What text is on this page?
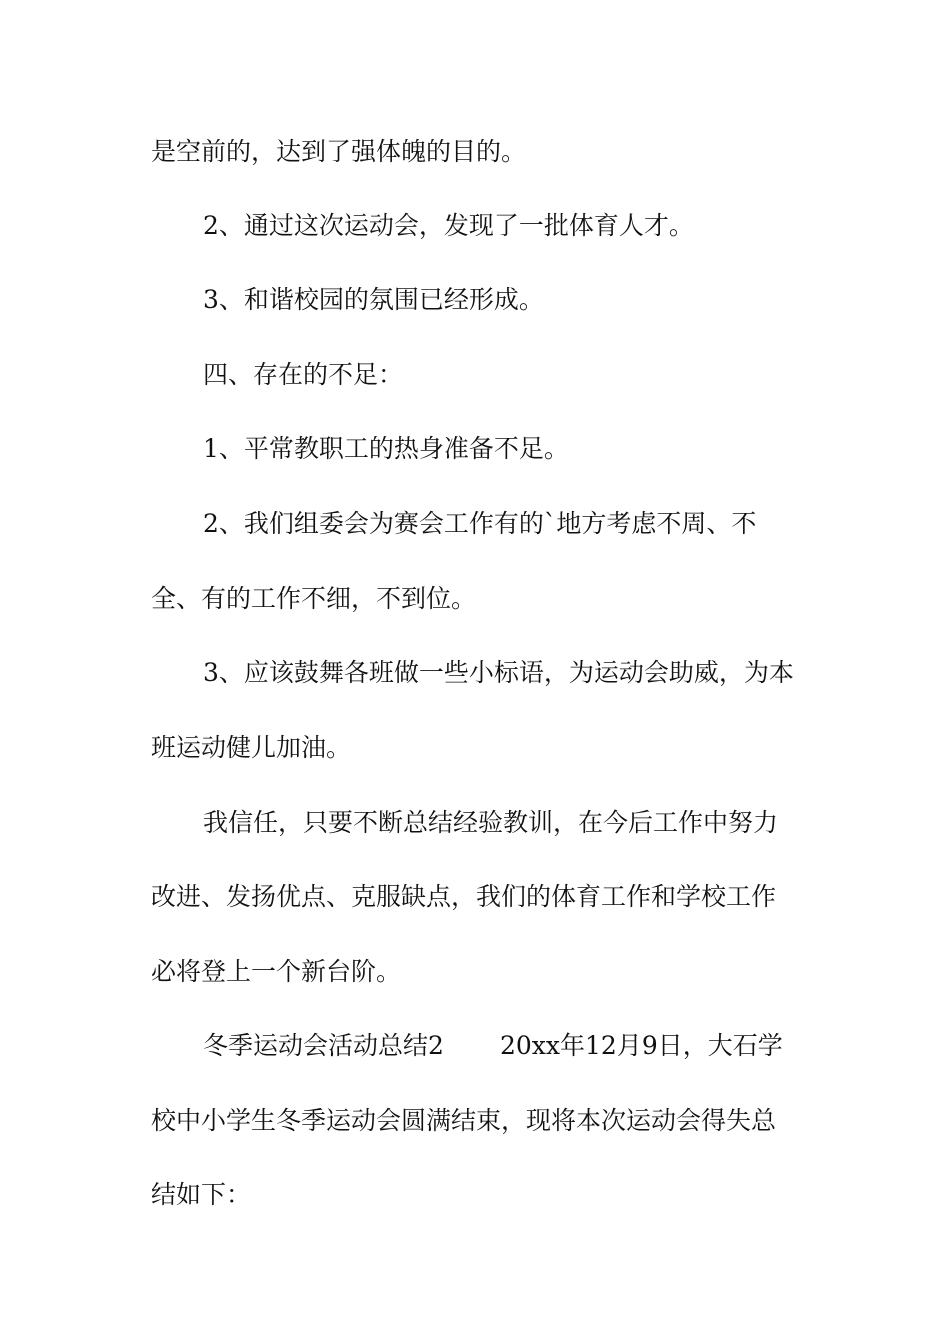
是空前的，达到了强体魄的目的。
2、通过这次运动会，发现了一批体育人才。
3、和谐校园的氛围已经形成。
四、存在的不足：
1、平常教职工的热身准备不足。
2、我们组委会为赛会工作有的`地方考虑不周、不
全、有的工作不细，不到位。
3、应该鼓舞各班做一些小标语，为运动会助威，为本
班运动健儿加油。
我信任，只要不断总结经验教训，在今后工作中努力
改进、发扬优点、克服缺点，我们的体育工作和学校工作
必将登上一个新台阶。
冬季运动会活动总结2 20xx年12月9日，大石学
校中小学生冬季运动会圆满结束，现将本次运动会得失总
结如下：
